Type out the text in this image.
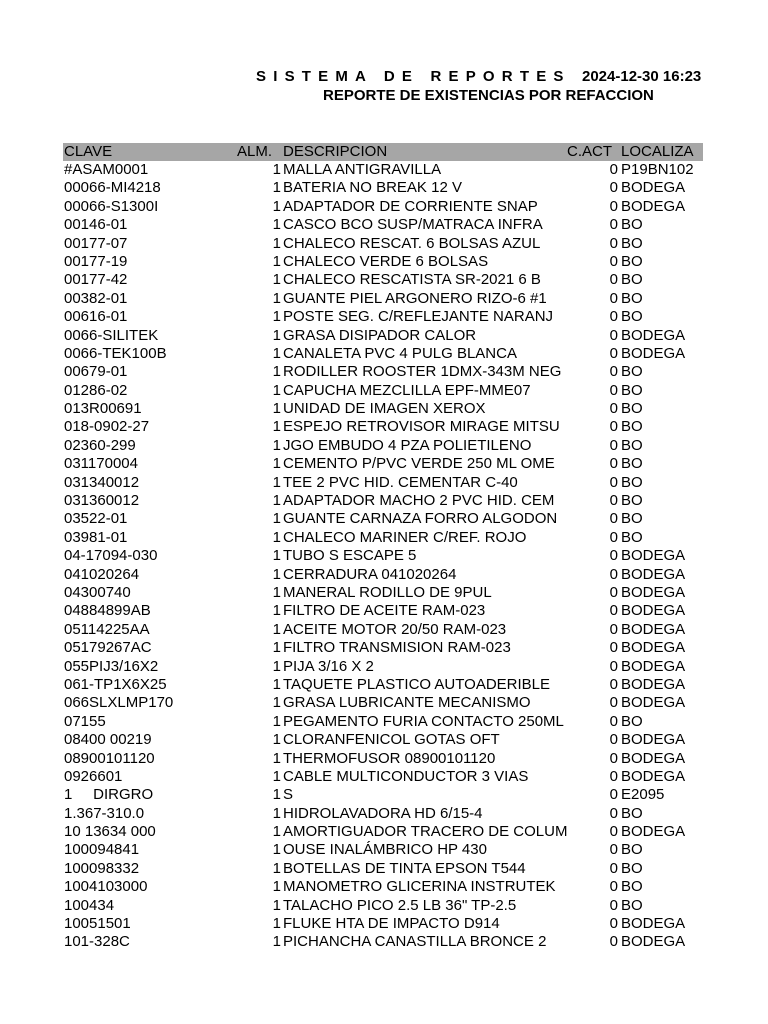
SISTEMA DE REPORTES 2024-12-30 16:23
REPORTE DE EXISTENCIAS POR REFACCION
CLAVE	ALM. DESCRIPCION	C.ACT LOCALIZA
#ASAM0001	1 MALLA ANTIGRAVILLA	0 P19BN102
00066-MI4218	1 BATERIA NO BREAK 12 V	0 BODEGA
00066-S1300I	1 ADAPTADOR DE CORRIENTE SNAP	0 BODEGA
00146-01	1 CASCO BCO SUSP/MATRACA INFRA	0 BO
00177-07	1 CHALECO RESCAT. 6 BOLSAS AZUL	0 BO
00177-19	1 CHALECO VERDE 6 BOLSAS	0 BO
00177-42	1 CHALECO RESCATISTA SR-2021 6 B	0 BO
00382-01	1 GUANTE PIEL ARGONERO RIZO-6 #1	0 BO
00616-01	1 POSTE SEG. C/REFLEJANTE NARANJ	0 BO
0066-SILITEK	1 GRASA DISIPADOR CALOR	0 BODEGA
0066-TEK100B	1 CANALETA PVC 4 PULG BLANCA	0 BODEGA
00679-01	1 RODILLER ROOSTER 1DMX-343M NEG	0 BO
01286-02	1 CAPUCHA MEZCLILLA EPF-MME07	0 BO
013R00691	1 UNIDAD DE IMAGEN XEROX	0 BO
018-0902-27	1 ESPEJO RETROVISOR MIRAGE MITSU	0 BO
02360-299	1 JGO EMBUDO 4 PZA POLIETILENO	0 BO
031170004	1 CEMENTO P/PVC VERDE 250 ML OME	0 BO
031340012	1 TEE 2 PVC HID. CEMENTAR C-40	0 BO
031360012	1 ADAPTADOR MACHO 2 PVC HID. CEM	0 BO
03522-01	1 GUANTE CARNAZA FORRO ALGODON	0 BO
03981-01	1 CHALECO MARINER C/REF. ROJO	0 BO
04-17094-030	1 TUBO S ESCAPE 5	0 BODEGA
041020264	1 CERRADURA 041020264	0 BODEGA
04300740	1 MANERAL RODILLO DE 9PUL	0 BODEGA
04884899AB	1 FILTRO DE ACEITE RAM-023	0 BODEGA
05114225AA	1 ACEITE MOTOR 20/50 RAM-023	0 BODEGA
05179267AC	1 FILTRO TRANSMISION RAM-023	0 BODEGA
055PIJ3/16X2	1 PIJA 3/16 X 2	0 BODEGA
061-TP1X6X25	1 TAQUETE PLASTICO AUTOADERIBLE	0 BODEGA
066SLXLMP170	1 GRASA LUBRICANTE MECANISMO	0 BODEGA
07155	1 PEGAMENTO FURIA CONTACTO 250ML	0 BO
08400 00219	1 CLORANFENICOL GOTAS OFT	0 BODEGA
08900101120	1 THERMOFUSOR 08900101120	0 BODEGA
0926601	1 CABLE MULTICONDUCTOR 3 VIAS	0 BODEGA
1     DIRGRO	1 S	0 E2095
1.367-310.0	1 HIDROLAVADORA HD 6/15-4	0 BO
10 13634 000	1 AMORTIGUADOR TRACERO DE COLUM	0 BODEGA
100094841	1 OUSE INALÁMBRICO HP 430	0 BO
100098332	1 BOTELLAS DE TINTA EPSON T544	0 BO
1004103000	1 MANOMETRO GLICERINA INSTRUTEK	0 BO
100434	1 TALACHO PICO 2.5 LB 36" TP-2.5	0 BO
10051501	1 FLUKE HTA DE IMPACTO D914	0 BODEGA
101-328C	1 PICHANCHA CANASTILLA BRONCE 2	0 BODEGA
